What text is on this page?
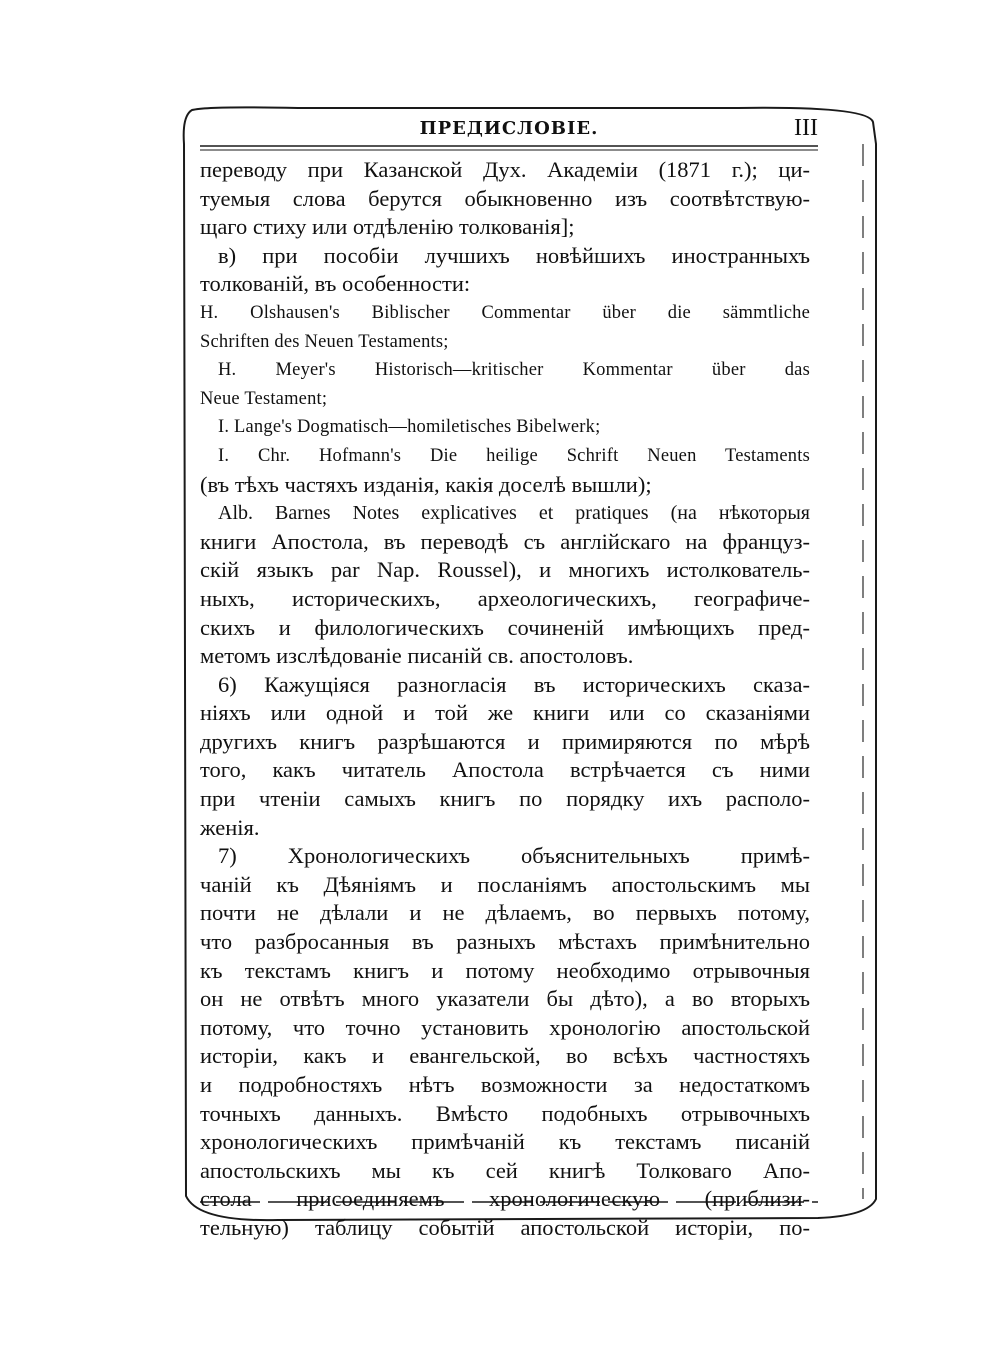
ПРЕДИСЛОВІЕ.	III
переводу при Казанской Дух. Академіи (1871 г.); ци-
туемыя слова берутся обыкновенно изъ соотвѣтствую-
щаго стиху или отдѣленію толкованія];
в) при пособіи лучшихъ новѣйшихъ иностранныхъ
толкованій, въ особенности:
H. Olshausen's Biblischer Commentar über die sämmtliche
Schriften des Neuen Testaments;
H. Meyer's Historisch—kritischer Kommentar über das
Neue Testament;
I. Lange's Dogmatisch—homiletisches Bibelwerk;
I. Chr. Hofmann's Die heilige Schrift Neuen Testaments
(въ тѣхъ частяхъ изданія, какія доселѣ вышли);
Alb. Barnes Notes explicatives et pratiques (на нѣкоторыя
книги Апостола, въ переводѣ съ англійскаго на француз-
скій языкъ par Nap. Roussel), и многихъ истолкователь-
ныхъ, историческихъ, археологическихъ, географиче-
скихъ и филологическихъ сочиненій имѣющихъ пред-
метомъ изслѣдованіе писаній св. апостоловъ.
6) Кажущіяся разногласія въ историческихъ сказа-
ніяхъ или одной и той же книги или со сказаніями
другихъ книгъ разрѣшаются и примиряются по мѣрѣ
того, какъ читатель Апостола встрѣчается съ ними
при чтеніи самыхъ книгъ по порядку ихъ располо-
женія.
7) Хронологическихъ объяснительныхъ примѣ-
чаній къ Дѣяніямъ и посланіямъ апостольскимъ мы
почти не дѣлали и не дѣлаемъ, во первыхъ потому,
что разбросанныя въ разныхъ мѣстахъ примѣнительно
къ текстамъ книгъ и потому необходимо отрывочныя
он не отвѣтъ много указатели бы дѣто), а во вторыхъ
потому, что точно установить хронологію апостольской
исторіи, какъ и евангельской, во всѣхъ частностяхъ
и подробностяхъ нѣтъ возможности за недостаткомъ
точныхъ данныхъ. Вмѣсто подобныхъ отрывочныхъ
хронологическихъ примѣчаній къ текстамъ писаній
апостольскихъ мы къ сей книгѣ Толковаго Апо-
стола присоединяемъ хронологическую (приблизи-
тельную) таблицу событій апостольской исторіи, по-
